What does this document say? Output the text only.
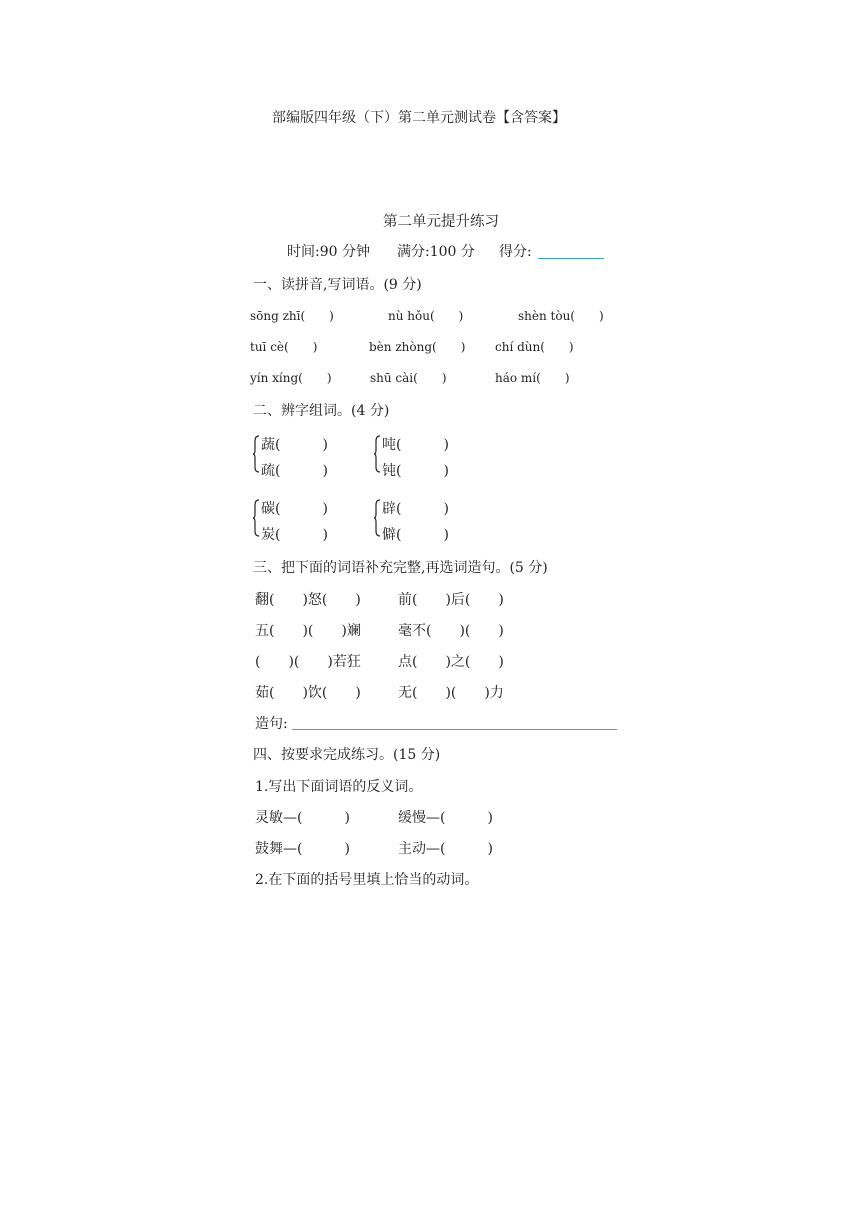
部编版四年级（下）第二单元测试卷【含答案】
第二单元提升练习
时间:90 分钟 满分:100 分 得分:
一、读拼音,写词语。(9 分)
sōng zhī(　　)	nù hǒu(　　)	shèn tòu(　　)
tuī cè(　　)	bèn zhòng(　　) chí dùn(　　)
yín xíng(　　)	shū cài(　　)	háo mí(　　)
二、辨字组词。(4 分)
蔬(　　　)
疏(　　　)
吨(　　　)
钝(　　　)
碳(　　　)
炭(　　　)
辟(　　　)
僻(　　　)
三、把下面的词语补充完整,再选词造句。(5 分)
翻(　　)怒(　　)	前(　　)后(　　)
五(　　)(　　)斓	毫不(　　)(　　)
(　　)(　　)若狂	点(　　)之(　　)
茹(　　)饮(　　)	无(　　)(　　)力
造句:
四、按要求完成练习。(15 分)
1.写出下面词语的反义词。
灵敏—(　　　)	缓慢—(　　　)
鼓舞—(　　　)	主动—(　　　)
2.在下面的括号里填上恰当的动词。
